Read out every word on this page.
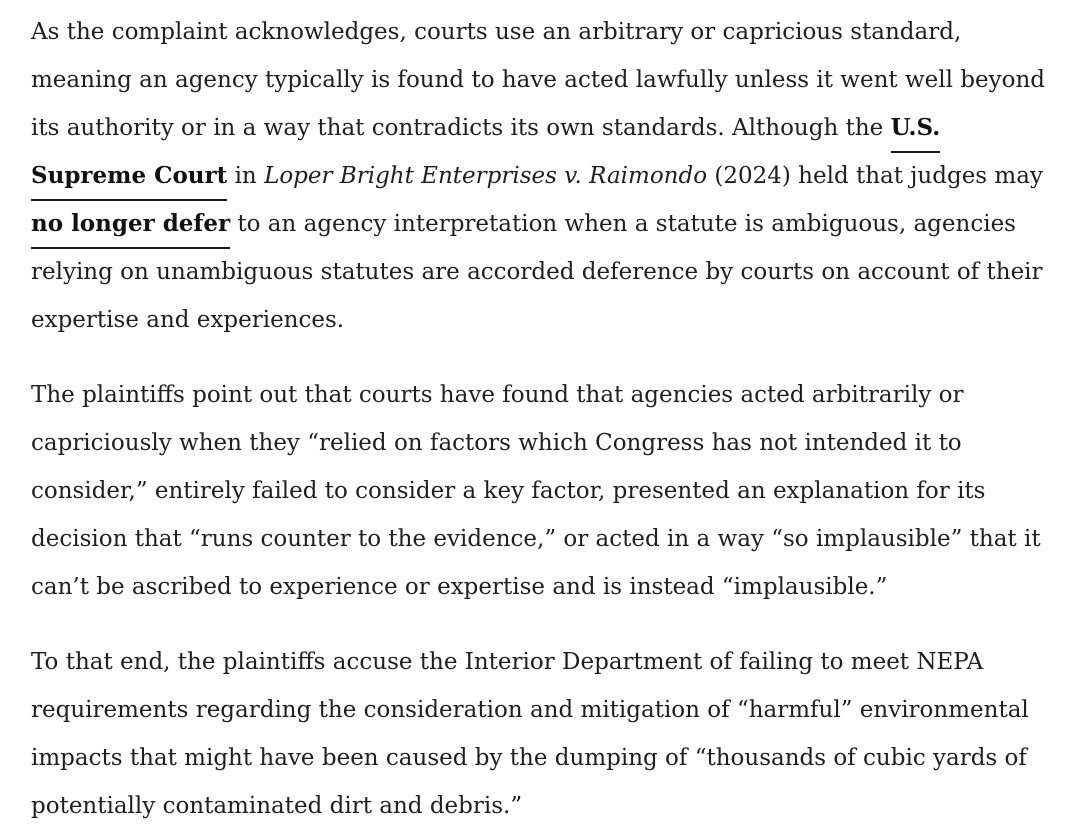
As the complaint acknowledges, courts use an arbitrary or capricious standard, meaning an agency typically is found to have acted lawfully unless it went well beyond its authority or in a way that contradicts its own standards. Although the U.S. Supreme Court in Loper Bright Enterprises v. Raimondo (2024) held that judges may no longer defer to an agency interpretation when a statute is ambiguous, agencies relying on unambiguous statutes are accorded deference by courts on account of their expertise and experiences.

The plaintiffs point out that courts have found that agencies acted arbitrarily or capriciously when they “relied on factors which Congress has not intended it to consider,” entirely failed to consider a key factor, presented an explanation for its decision that “runs counter to the evidence,” or acted in a way “so implausible” that it can’t be ascribed to experience or expertise and is instead “implausible.”

To that end, the plaintiffs accuse the Interior Department of failing to meet NEPA requirements regarding the consideration and mitigation of “harmful” environmental impacts that might have been caused by the dumping of “thousands of cubic yards of potentially contaminated dirt and debris.”
